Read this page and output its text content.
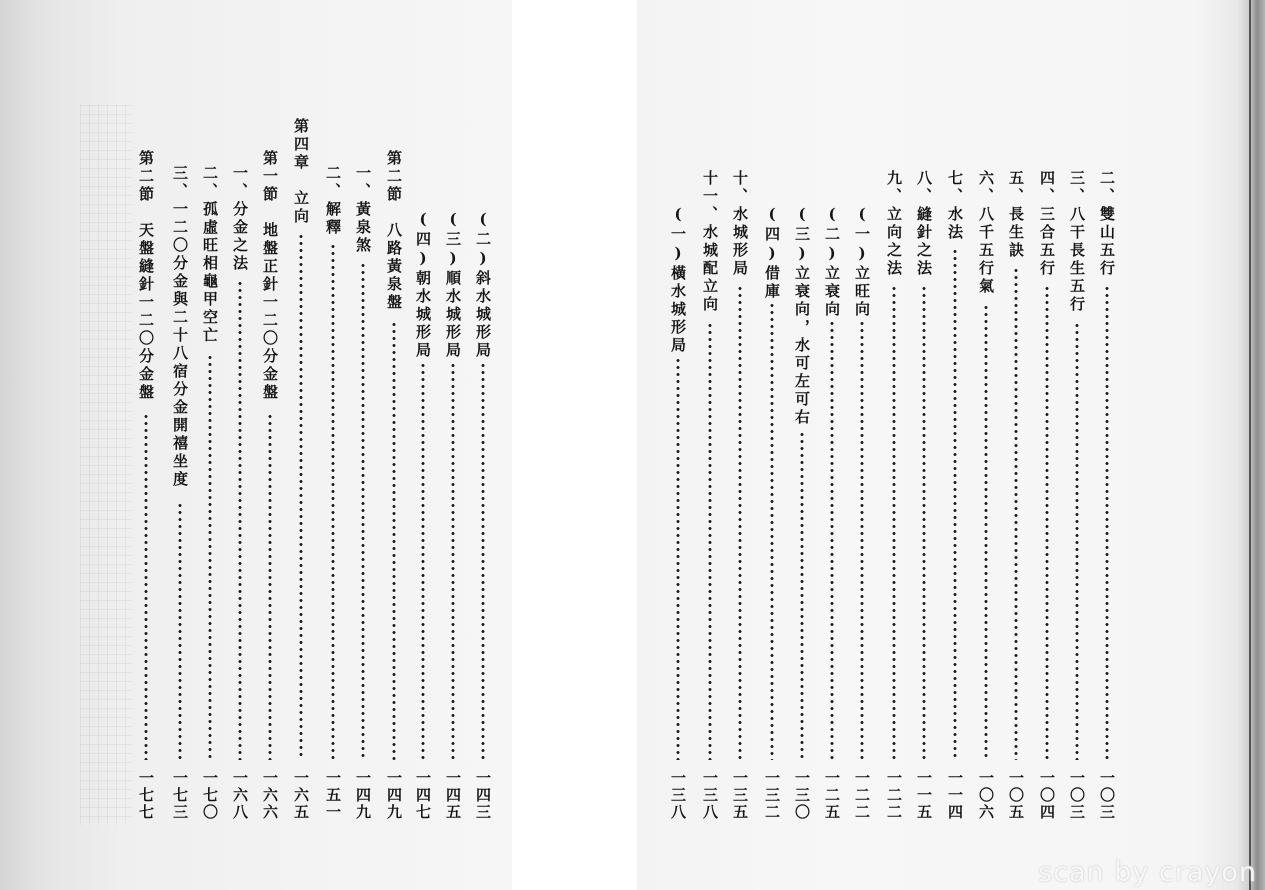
(二)斜水城形局
一四三
(三)順水城形局
一四五
(四)朝水城形局
一四七
第二節　八路黃泉盤
一四九
一、黃泉煞
一四九
二、解釋
一五一
第四章　立向
一六五
第一節　地盤正針一二〇分金盤
一六六
一、分金之法
一六八
二、孤虛旺相龜甲空亡
一七〇
三、一二〇分金與二十八宿分金開禧坐度
一七三
第二節　天盤縫針一二〇分金盤
一七七
二、雙山五行
一〇三
三、八干長生五行
一〇三
四、三合五行
一〇四
五、長生訣
一〇五
六、八千五行氣
一〇六
七、水法
一一四
八、縫針之法
一一五
九、立向之法
一二二
(一)立旺向
一二二
(二)立衰向
一二五
(三)立衰向，水可左可右
一三〇
(四)借庫
一三二
十、水城形局
一三五
十一、水城配立向
一三八
(一)橫水城形局
一三八
scan by crayon
